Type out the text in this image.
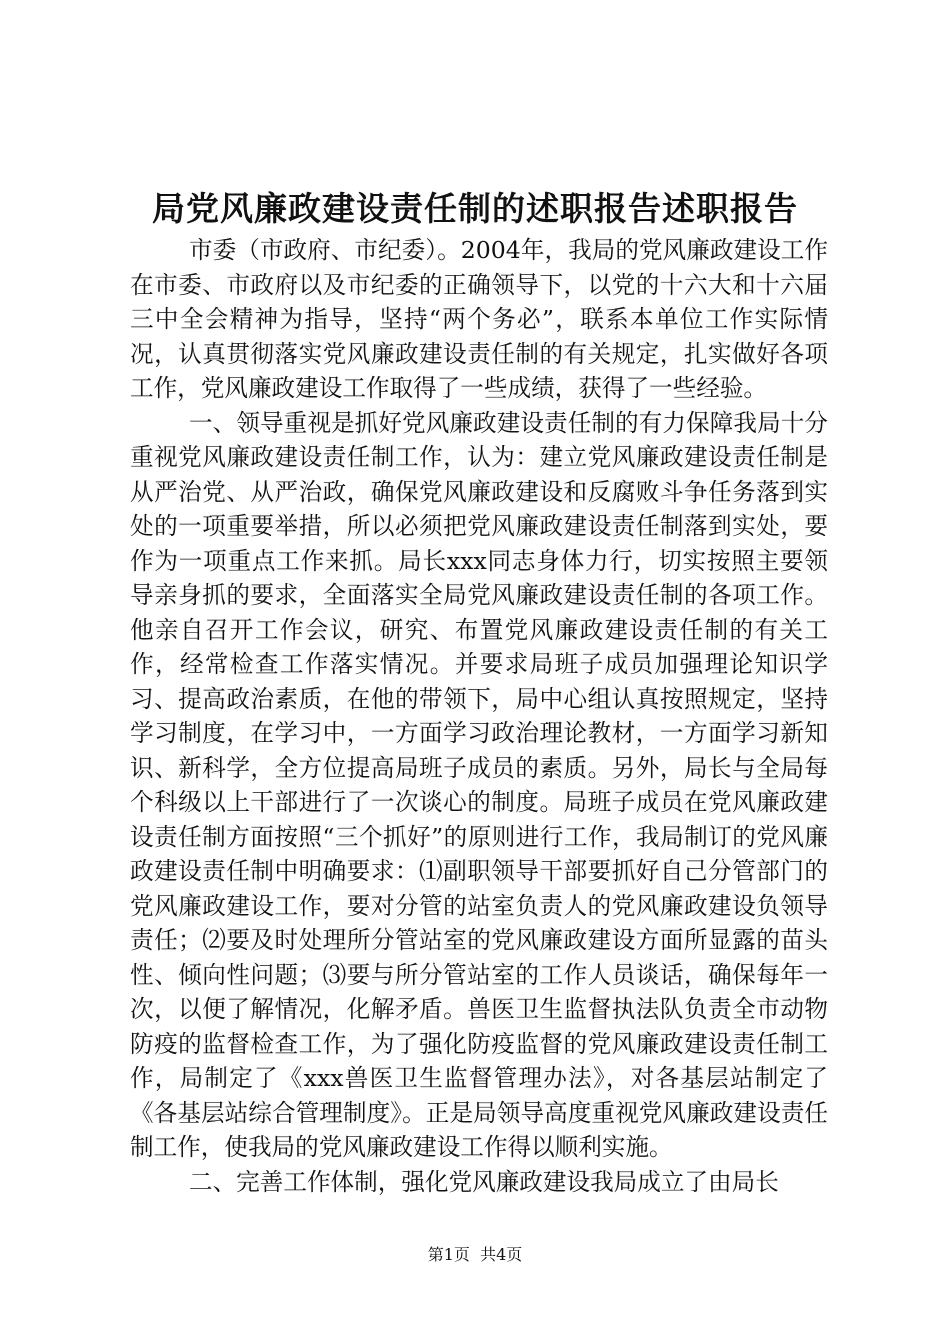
局党风廉政建设责任制的述职报告述职报告

市委（市政府、市纪委）。2004年，我局的党风廉政建设工作在市委、市政府以及市纪委的正确领导下，以党的十六大和十六届三中全会精神为指导，坚持“两个务必”，联系本单位工作实际情况，认真贯彻落实党风廉政建设责任制的有关规定，扎实做好各项工作，党风廉政建设工作取得了一些成绩，获得了一些经验。

一、领导重视是抓好党风廉政建设责任制的有力保障我局十分重视党风廉政建设责任制工作，认为：建立党风廉政建设责任制是从严治党、从严治政，确保党风廉政建设和反腐败斗争任务落到实处的一项重要举措，所以必须把党风廉政建设责任制落到实处，要作为一项重点工作来抓。局长xxx同志身体力行，切实按照主要领导亲身抓的要求，全面落实全局党风廉政建设责任制的各项工作。他亲自召开工作会议，研究、布置党风廉政建设责任制的有关工作，经常检查工作落实情况。并要求局班子成员加强理论知识学习、提高政治素质，在他的带领下，局中心组认真按照规定，坚持学习制度，在学习中，一方面学习政治理论教材，一方面学习新知识、新科学，全方位提高局班子成员的素质。另外，局长与全局每个科级以上干部进行了一次谈心的制度。局班子成员在党风廉政建设责任制方面按照“三个抓好”的原则进行工作，我局制订的党风廉政建设责任制中明确要求：⑴副职领导干部要抓好自己分管部门的党风廉政建设工作，要对分管的站室负责人的党风廉政建设负领导责任；⑵要及时处理所分管站室的党风廉政建设方面所显露的苗头性、倾向性问题；⑶要与所分管站室的工作人员谈话，确保每年一次，以便了解情况，化解矛盾。兽医卫生监督执法队负责全市动物防疫的监督检查工作，为了强化防疫监督的党风廉政建设责任制工作，局制定了《xxx兽医卫生监督管理办法》，对各基层站制定了《各基层站综合管理制度》。正是局领导高度重视党风廉政建设责任制工作，使我局的党风廉政建设工作得以顺利实施。

二、完善工作体制，强化党风廉政建设我局成立了由局长

第1页 共4页
